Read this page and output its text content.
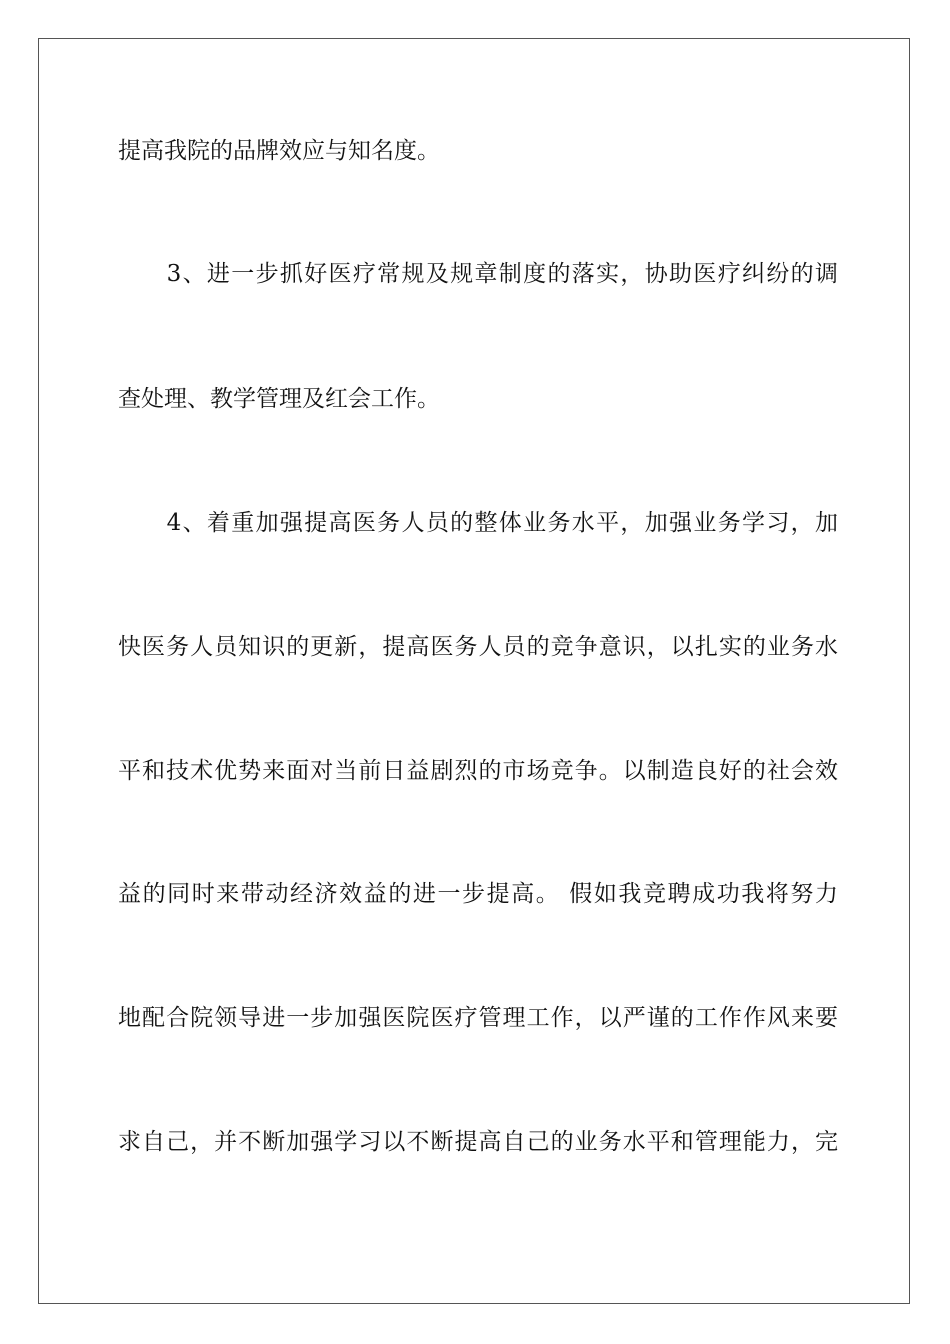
提高我院的品牌效应与知名度。
　　3、进一步抓好医疗常规及规章制度的落实，协助医疗纠纷的调
查处理、教学管理及红会工作。
　　4、着重加强提高医务人员的整体业务水平，加强业务学习，加
快医务人员知识的更新，提高医务人员的竞争意识，以扎实的业务水
平和技术优势来面对当前日益剧烈的市场竞争。以制造良好的社会效
益的同时来带动经济效益的进一步提高。 假如我竞聘成功我将努力
地配合院领导进一步加强医院医疗管理工作，以严谨的工作作风来要
求自己，并不断加强学习以不断提高自己的业务水平和管理能力，完
